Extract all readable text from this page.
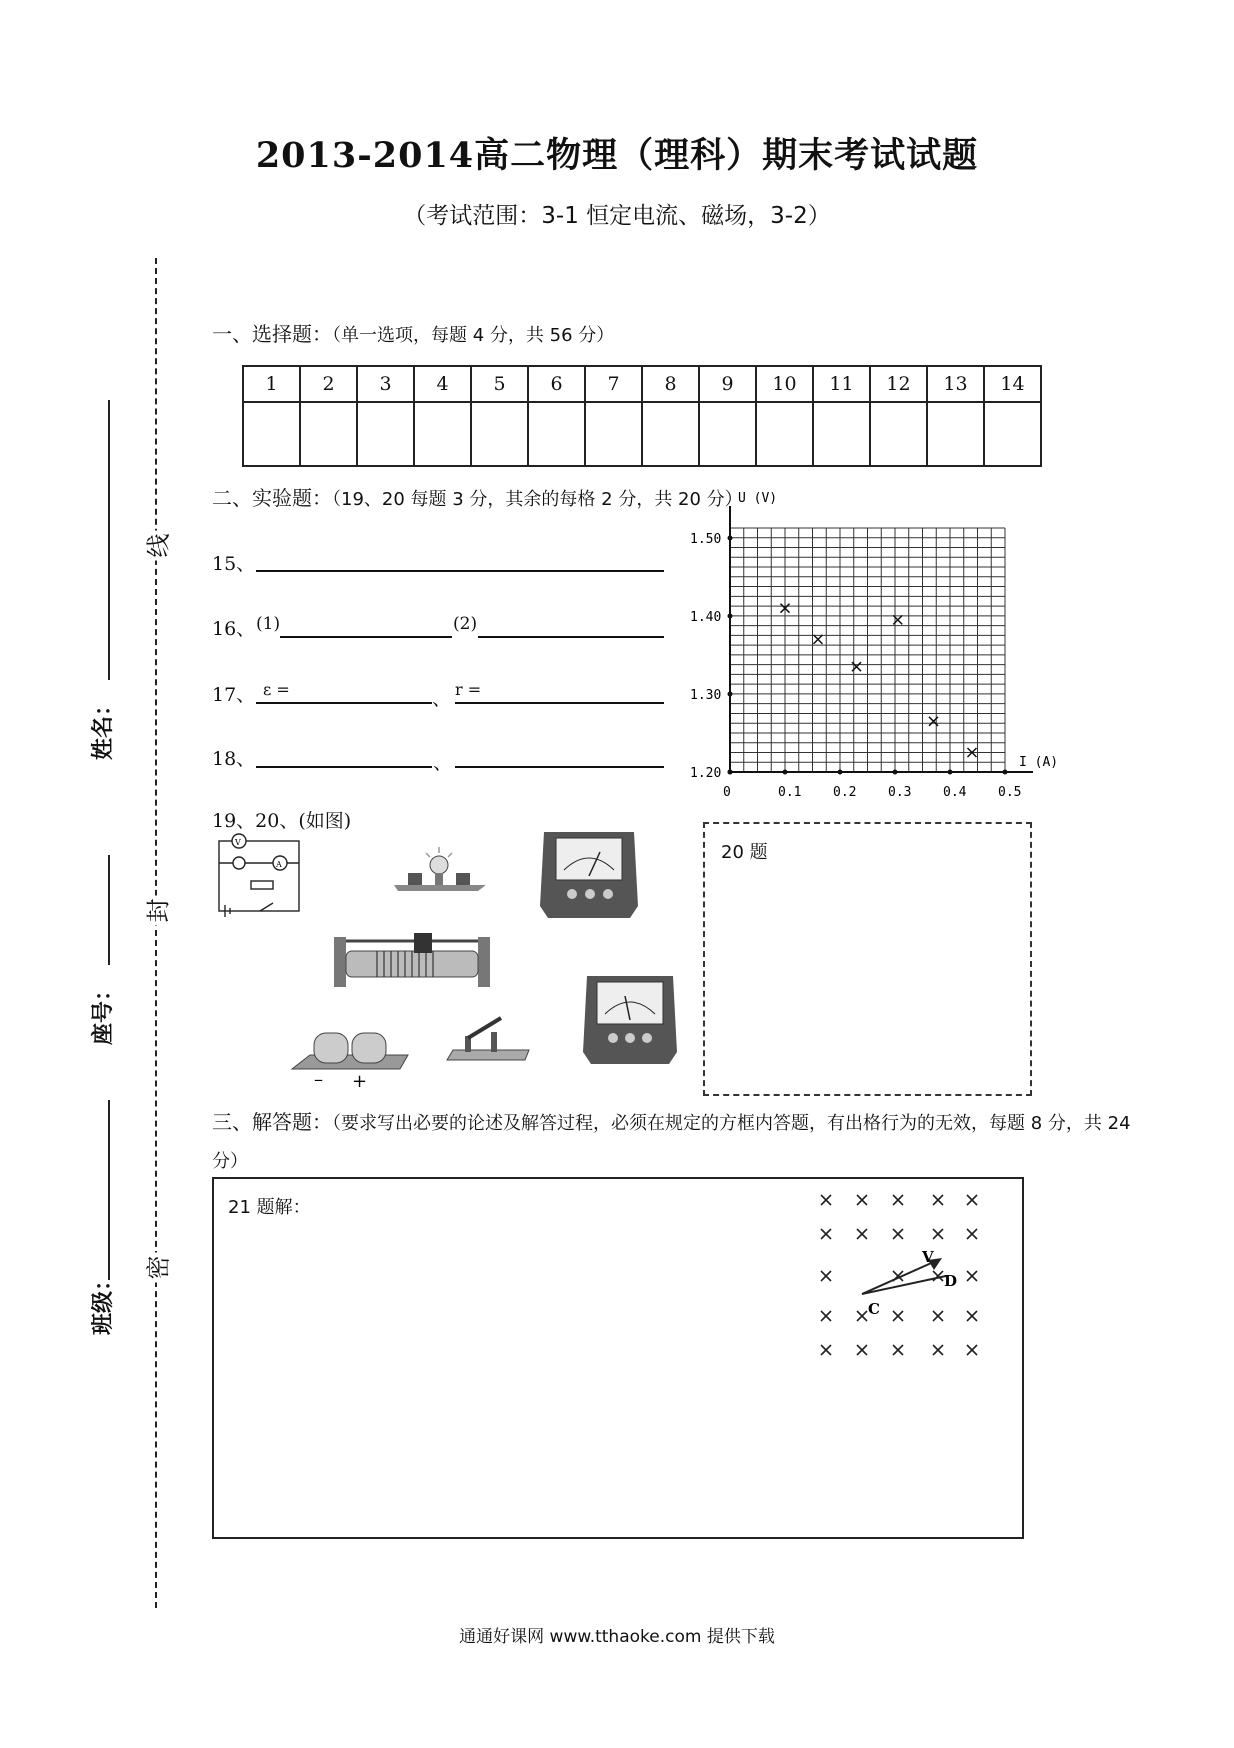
2013-2014高二物理（理科）期末考试试题
（考试范围：3-1 恒定电流、磁场，3-2）
姓名：
座号：
班级：
线
封
密
一、选择题：（单一选项，每题 4 分，共 56 分）
1	2	3	4	5	6	7	8	9	10	11	12	13	14

二、实验题：（19、20 每题 3 分，其余的每格 2 分，共 20 分）
15、
16、 (1)	(2)
17、 ε =	、 r =
18、	、
U (V)
I (A)
0	0.1 0.2 0.3 0.4 0.5
1.20
1.30
1.40
1.50
19、20、(如图)
V
A
– +
20 题
三、解答题：（要求写出必要的论述及解答过程，必须在规定的方框内答题，有出格行为的无效，每题 8 分，共 24 分）
21 题解：
V
D
C
通通好课网 www.tthaoke.com 提供下载
